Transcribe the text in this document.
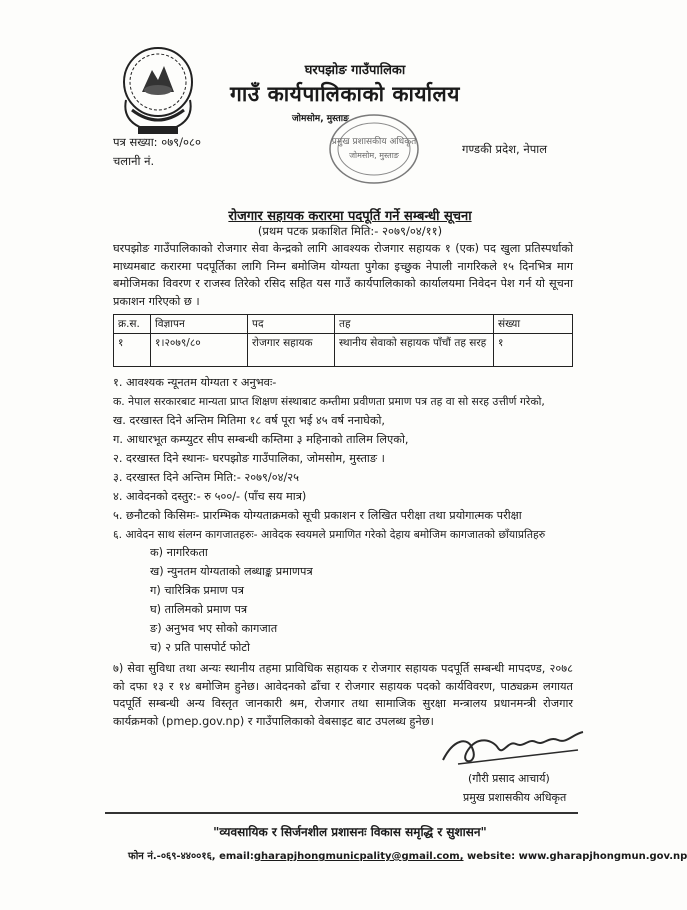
घरपझोङ गाउँपालिका
गाउँ कार्यपालिकाको कार्यालय
जोमसोम, मुस्ताङ
प्रमुख प्रशासकीय अधिकृत
जोमसोम, मुस्ताङ
पत्र सख्या: ०७९/०८०
चलानी नं.
गण्डकी प्रदेश, नेपाल
रोजगार सहायक करारमा पदपूर्ति गर्ने सम्बन्धी सूचना
(प्रथम पटक प्रकाशित मिति:- २०७९/०४/११)
घरपझोङ गाउँपालिकाको रोजगार सेवा केन्द्रको लागि आवश्यक रोजगार सहायक १ (एक) पद खुला प्रतिस्पर्धाको माध्यमबाट करारमा पदपूर्तिका लागि निम्न बमोजिम योग्यता पुगेका इच्छुक नेपाली नागरिकले १५ दिनभित्र माग बमोजिमका विवरण र राजस्व तिरेको रसिद सहित यस गाउँ कार्यपालिकाको कार्यालयमा निवेदन पेश गर्न यो सूचना प्रकाशन गरिएको छ ।
क्र.स.	विज्ञापन	पद	तह	संख्या
१	१।२०७९/८०	रोजगार सहायक	स्थानीय सेवाको सहायक पाँचौं तह सरह	१
१. आवश्यक न्यूनतम योग्यता र अनुभवः-
क. नेपाल सरकारबाट मान्यता प्राप्त शिक्षण संस्थाबाट कम्तीमा प्रवीणता प्रमाण पत्र तह वा सो सरह उत्तीर्ण गरेको,
ख. दरखास्त दिने अन्तिम मितिमा १८ वर्ष पूरा भई ४५ वर्ष ननाघेको,
ग. आधारभूत कम्प्युटर सीप सम्बन्धी कम्तिमा ३ महिनाको तालिम लिएको,
२. दरखास्त दिने स्थानः- घरपझोङ गाउँपालिका, जोमसोम, मुस्ताङ ।
३. दरखास्त दिने अन्तिम मिति:- २०७९/०४/२५
४. आवेदनको दस्तुर:- रु ५००/- (पाँच सय मात्र)
५. छनौटको किसिमः- प्रारम्भिक योग्यताक्रमको सूची प्रकाशन र लिखित परीक्षा तथा प्रयोगात्मक परीक्षा
६. आवेदन साथ संलग्न कागजातहरुः- आवेदक स्वयमले प्रमाणित गरेको देहाय बमोजिम कागजातको छाँयाप्रतिहरु
क) नागरिकता
ख) न्युनतम योग्यताको लब्धाङ्क प्रमाणपत्र
ग) चारित्रिक प्रमाण पत्र
घ) तालिमको प्रमाण पत्र
ङ) अनुभव भए सोको कागजात
च) २ प्रति पासपोर्ट फोटो
७) सेवा सुविधा तथा अन्यः स्थानीय तहमा प्राविधिक सहायक र रोजगार सहायक पदपूर्ति सम्बन्धी मापदण्ड, २०७८ को दफा १३ र १४ बमोजिम हुनेछ। आवेदनको ढाँचा र रोजगार सहायक पदको कार्यविवरण, पाठ्यक्रम लगायत पदपूर्ति सम्बन्धी अन्य विस्तृत जानकारी श्रम, रोजगार तथा सामाजिक सुरक्षा मन्त्रालय प्रधानमन्त्री रोजगार कार्यक्रमको (pmep.gov.np) र गाउँपालिकाको वेबसाइट बाट उपलब्ध हुनेछ।
(गौरी प्रसाद आचार्य)
प्रमुख प्रशासकीय अधिकृत
"व्यवसायिक र सिर्जनशील प्रशासनः विकास समृद्धि र सुशासन"
फोन नं.-०६९-४४००१६, email:gharapjhongmunicpality@gmail.com, website: www.gharapjhongmun.gov.np
